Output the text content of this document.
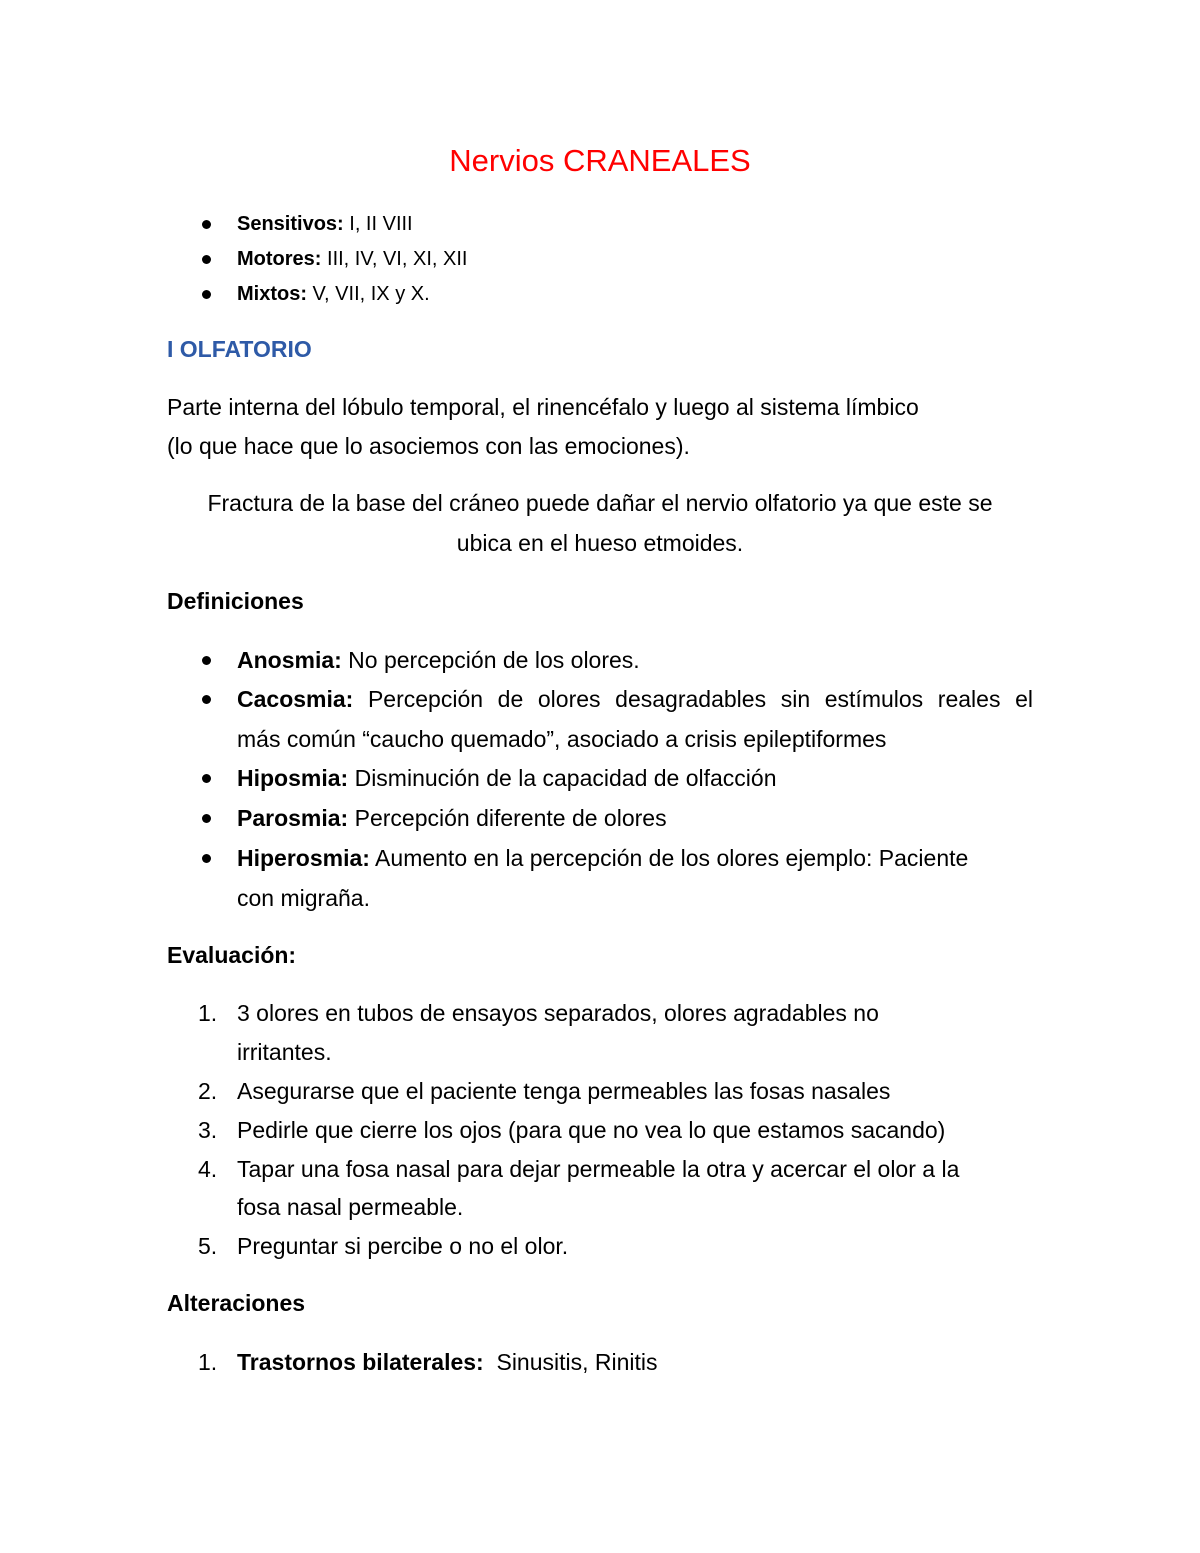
Nervios CRANEALES

Sensitivos: I, II VIII

Motores: III, IV, VI, XI, XII

Mixtos: V, VII, IX y X.

I OLFATORIO

Parte interna del lóbulo temporal, el rinencéfalo y luego al sistema límbico

(lo que hace que lo asociemos con las emociones).

Fractura de la base del cráneo puede dañar el nervio olfatorio ya que este se

ubica en el hueso etmoides.

Definiciones

Anosmia: No percepción de los olores.

Cacosmia: Percepción de olores desagradables sin estímulos reales el

más común “caucho quemado”, asociado a crisis epileptiformes

Hiposmia: Disminución de la capacidad de olfacción

Parosmia: Percepción diferente de olores

Hiperosmia: Aumento en la percepción de los olores ejemplo: Paciente

con migraña.

Evaluación:
1. 3 olores en tubos de ensayos separados, olores agradables no

irritantes.

2. Asegurarse que el paciente tenga permeables las fosas nasales

3. Pedirle que cierre los ojos (para que no vea lo que estamos sacando)

4. Tapar una fosa nasal para dejar permeable la otra y acercar el olor a la

fosa nasal permeable.

5. Preguntar si percibe o no el olor.

Alteraciones
1. Trastornos bilaterales:  Sinusitis, Rinitis
